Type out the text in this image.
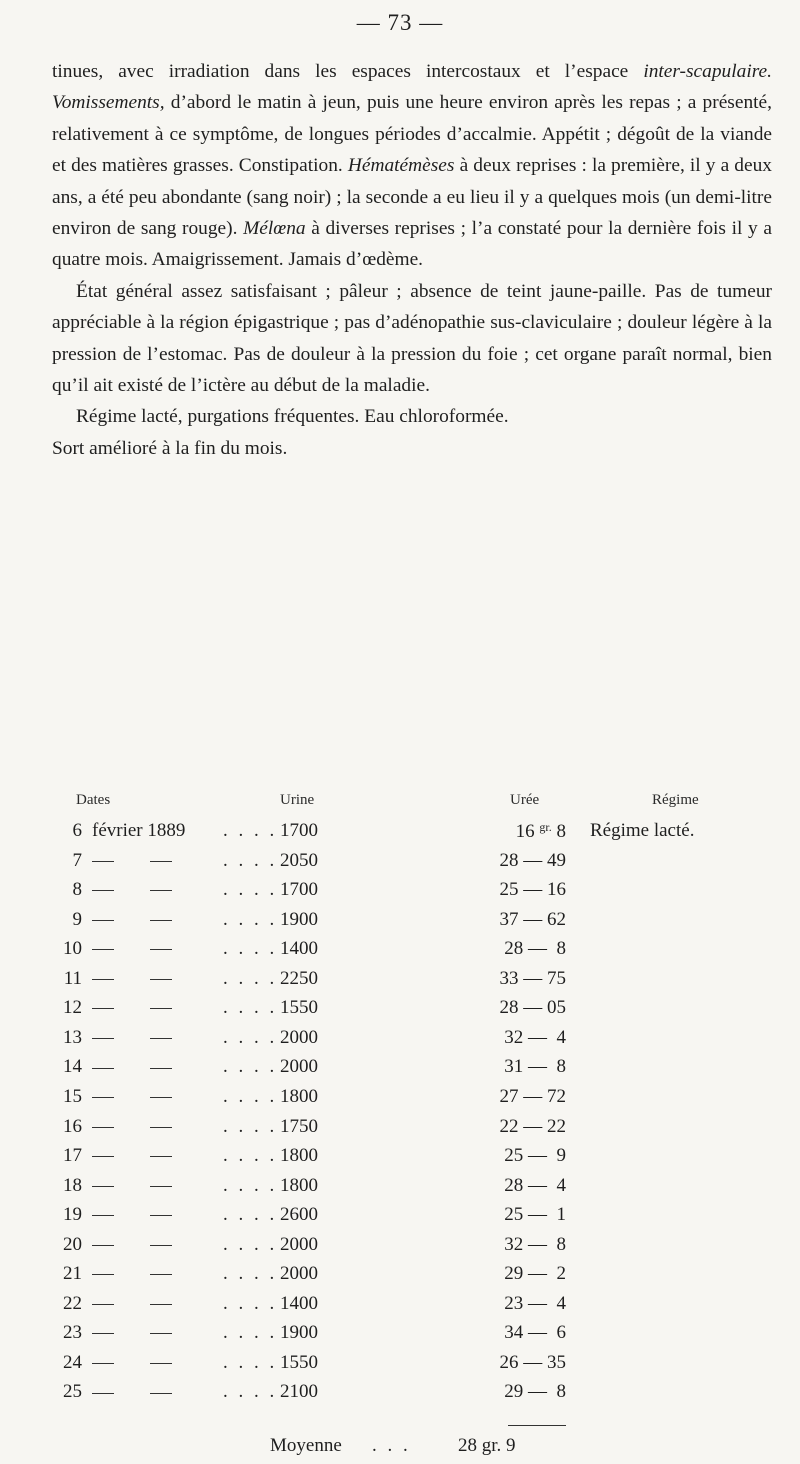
— 73 —

tinues, avec irradiation dans les espaces intercostaux et l’espace inter-scapulaire. Vomissements, d’abord le matin à jeun, puis une heure environ après les repas ; a présenté, relativement à ce symptôme, de longues périodes d’accalmie. Appétit ; dégoût de la viande et des matières grasses. Constipation. Hématémèses à deux reprises : la première, il y a deux ans, a été peu abondante (sang noir) ; la seconde a eu lieu il y a quelques mois (un demi-litre environ de sang rouge). Mélœna à diverses reprises ; l’a constaté pour la dernière fois il y a quatre mois. Amaigrissement. Jamais d’œdème.

État général assez satisfaisant ; pâleur ; absence de teint jaune-paille. Pas de tumeur appréciable à la région épigastrique ; pas d’adénopathie sus-claviculaire ; douleur légère à la pression de l’estomac. Pas de douleur à la pression du foie ; cet organe paraît normal, bien qu’il ait existé de l’ictère au début de la maladie.

Régime lacté, purgations fréquentes. Eau chloroformée.

Sort amélioré à la fin du mois.

Dates	Urine	Urée	Régime
6 février 1889 . . . . 1700	16 $^{gr.}$ 8 Régime lacté.
7	. . . . 2050	28 — 49
8	. . . . 1700	25 — 16
9	. . . . 1900	37 — 62
10	. . . . 1400	28 —  8
11	. . . . 2250	33 — 75
12	. . . . 1550	28 — 05
13	. . . . 2000	32 —  4
14	. . . . 2000	31 —  8
15	. . . . 1800	27 — 72
16	. . . . 1750	22 — 22
17	. . . . 1800	25 —  9
18	. . . . 1800	28 —  4
19	. . . . 2600	25 —  1
20	. . . . 2000	32 —  8
21	. . . . 2000	29 —  2
22	. . . . 1400	23 —  4
23	. . . . 1900	34 —  6
24	. . . . 1550	26 — 35
25	. . . . 2100	29 —  8
Moyenne . . . 28 gr. 9
